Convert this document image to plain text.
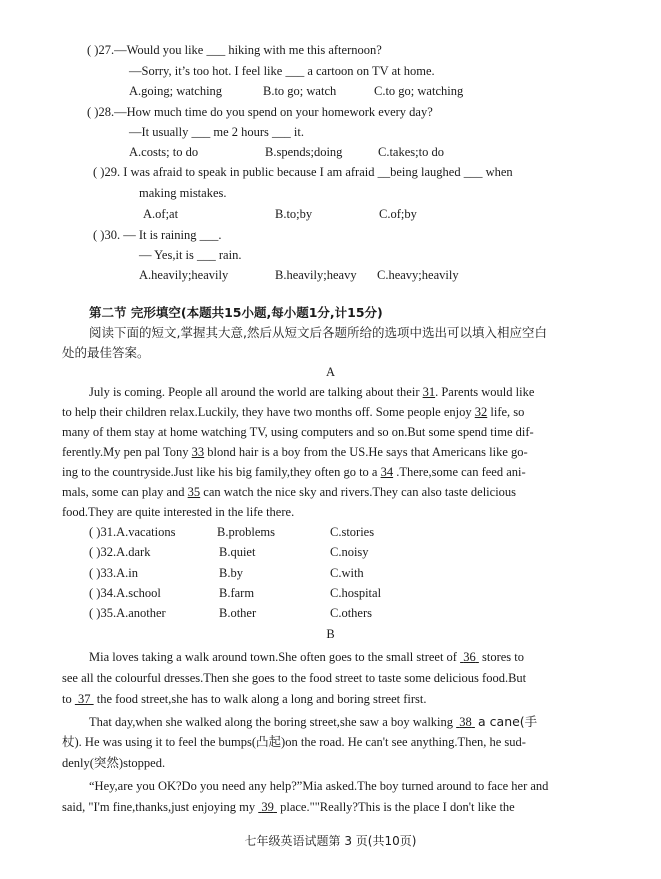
( )27.—Would you like ___ hiking with me this afternoon?
—Sorry, it’s too hot. I feel like ___ a cartoon on TV at home.
A.going; watching	B.to go; watch	C.to go; watching
( )28.—How much time do you spend on your homework every day?
—It usually ___ me 2 hours ___ it.
A.costs; to do	B.spends;doing	C.takes;to do
( )29. I was afraid to speak in public because I am afraid __being laughed ___ when
making mistakes.
A.of;at	B.to;by	C.of;by
( )30. — It is raining ___.
— Yes,it is ___ rain.
A.heavily;heavily	B.heavily;heavy C.heavy;heavily
第二节 完形填空(本题共15小题,每小题1分,计15分)
阅读下面的短文,掌握其大意,然后从短文后各题所给的选项中选出可以填入相应空白
处的最佳答案。
A
July is coming. People all around the world are talking about their 31. Parents would like
to help their children relax.Luckily, they have two months off. Some people enjoy 32 life, so
many of them stay at home watching TV, using computers and so on.But some spend time dif-
ferently.My pen pal Tony 33 blond hair is a boy from the US.He says that Americans like go-
ing to the countryside.Just like his big family,they often go to a 34 .There,some can feed ani-
mals, some can play and 35 can watch the nice sky and rivers.They can also taste delicious
food.They are quite interested in the life there.
( )31.A.vacations	B.problems	C.stories
( )32.A.dark	B.quiet	C.noisy
( )33.A.in	B.by	C.with
( )34.A.school	B.farm	C.hospital
( )35.A.another	B.other	C.others
B
Mia loves taking a walk around town.She often goes to the small street of 36 stores to
see all the colourful dresses.Then she goes to the food street to taste some delicious food.But
to 37 the food street,she has to walk along a long and boring street first.
That day,when she walked along the boring street,she saw a boy walking 38 a cane(手
杖). He was using it to feel the bumps(凸起)on the road. He can't see anything.Then, he sud-
denly(突然)stopped.
“Hey,are you OK?Do you need any help?”Mia asked.The boy turned around to face her and
said, "I'm fine,thanks,just enjoying my 39 place.""Really?This is the place I don't like the
七年级英语试题第 3 页(共10页)
